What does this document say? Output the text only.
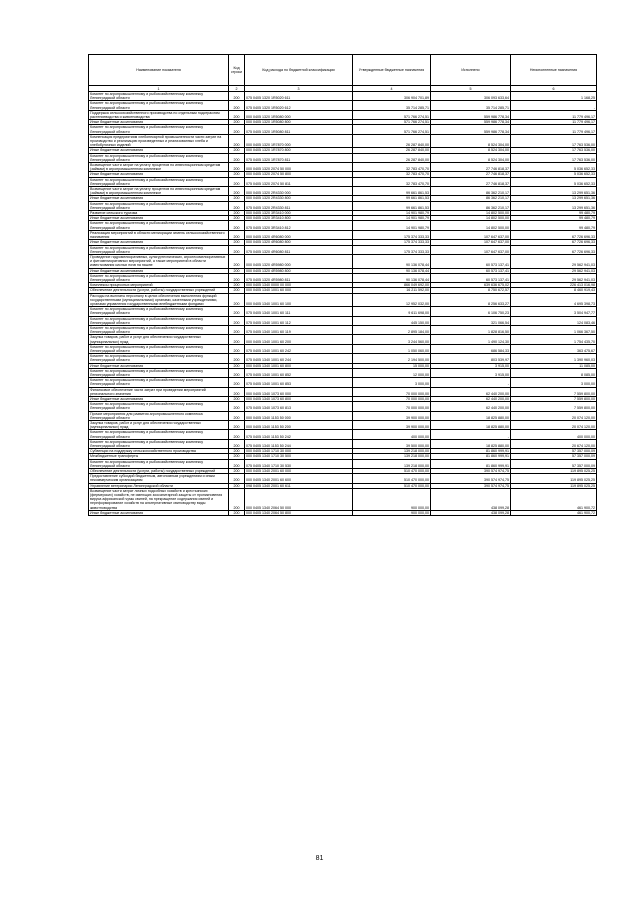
Наименование показателя	Код строки	Код расхода по бюджетной классификации	Утвержденные бюджетные назначения	Исполнено	Неисполненные назначения
1	2	3	4	5	6
Комитет по агропромышленному и рыбохозяйственному комплексу Ленинградской области	200	075 0405 1320 1R5020 611	306 904 701,89	306 093 633,64	1 168,25
Комитет по агропромышленному и рыбохозяйственному комплексу Ленинградской области	200	075 0405 1320 1R5020 612	35 714 285,71	35 714 285,71	-
Поддержка сельскохозяйственного производства по отдельным подотраслям растениеводства и животноводства	200	000 0405 1320 1R5080 000	571 766 274,51	559 986 778,34	11 779 496,17
Иные бюджетные ассигнования	200	000 0405 1320 1R5080 800	571 766 274,51	559 986 778,34	11 779 496,17
Комитет по агропромышленному и рыбохозяйственному комплексу Ленинградской области	200	075 0405 1320 1R5080 811	571 766 274,51	559 986 778,34	11 779 496,17
Компенсация предприятиям хлебопекарной промышленности части затрат на производство и реализацию произведенных и реализованных хлеба и хлебобулочных изделий	200	000 0405 1320 1R7870 000	26 287 840,00	8 524 304,00	17 763 536,00
Иные бюджетные ассигнования	200	000 0405 1320 1R7870 800	26 287 840,00	8 524 304,00	17 763 536,00
Комитет по агропромышленному и рыбохозяйственному комплексу Ленинградской области	200	075 0405 1320 1R7870 811	26 287 840,00	8 524 304,00	17 763 536,00
Возмещение части затрат на уплату процентов по инвестиционным кредитам (займам) в агропромышленном комплексе	200	000 0405 1320 2074 50 000	32 783 470,70	27 746 818,37	5 036 652,33
Иные бюджетные ассигнования	200	000 0405 1320 2074 50 800	32 783 470,70	27 746 818,37	5 036 652,33
Комитет по агропромышленному и рыбохозяйственному комплексу Ленинградской области	200	075 0405 1320 2074 50 811	32 783 470,70	27 746 818,37	5 036 652,33
Возмещение части затрат на уплату процентов по инвестиционным кредитам (займам) в агропромышленном комплексе	200	000 0405 1320 2R4330 000	99 661 861,53	86 362 210,17	13 299 651,36
Иные бюджетные ассигнования	200	000 0405 1320 2R4330 800	99 661 861,53	86 362 210,17	13 299 651,36
Комитет по агропромышленному и рыбохозяйственному комплексу Ленинградской области	200	075 0405 1320 2R4330 811	99 661 861,53	86 362 210,17	13 299 651,36
Развитие сельского туризма	200	000 0405 1320 3R3410 000	14 901 980,79	14 802 500,00	99 480,79
Иные бюджетные ассигнования	200	000 0405 1320 3R3410 800	14 901 980,79	14 802 500,00	99 480,79
Комитет по агропромышленному и рыбохозяйственному комплексу Ленинградской области	200	075 0405 1320 3R3410 812	14 901 980,79	14 802 500,00	99 480,79
Реализация мероприятий в области мелиорации земель сельскохозяйственного назначения	200	000 0405 1320 4R6080 000	175 374 333,33	107 647 637,00	67 726 696,33
Иные бюджетные ассигнования	200	000 0405 1320 4R6080 800	175 374 333,33	107 647 637,00	67 726 696,33
Комитет по агропромышленному и рыбохозяйственному комплексу Ленинградской области	200	075 0405 1320 4R6080 811	175 374 333,33	107 647 637,00	67 726 696,33
Проведение гидромелиоративных, культуртехнических, агролесомелиоративных и фитомелиоративных мероприятий, а также мероприятий в области известкования кислых почв на пашне	200	000 0405 1320 4R5980 000	90 136 078,44	60 573 137,41	29 562 941,03
Иные бюджетные ассигнования	200	000 0405 1320 4R5980 800	90 136 078,44	60 573 137,41	29 562 941,03
Комитет по агропромышленному и рыбохозяйственному комплексу Ленинградской области	200	075 0405 1320 4R5980 811	90 136 078,44	60 573 137,41	29 562 941,03
Комплексы процессных мероприятий	200	000 0405 1340 0000 00 000	866 049 692,00	639 636 675,02	226 413 016,98
Обеспечение деятельности (услуги, работы) государственных учреждений	200	000 0405 1340 1001 60 000	16 211 592,00	8 750 672,57	8 460 919,43
Расходы на выплаты персоналу в целях обеспечения выполнения функций государственными (муниципальными) органами, казенными учреждениями, органами управления государственными внебюджетными фондами	200	000 0405 1340 1001 60 100	12 952 032,00	8 256 633,27	4 695 398,73
Комитет по агропромышленному и рыбохозяйственному комплексу Ленинградской области	200	075 0405 1340 1001 60 111	9 611 698,00	6 106 750,23	3 504 947,77
Комитет по агропромышленному и рыбохозяйственному комплексу Ленинградской области	200	075 0405 1340 1001 60 112	445 150,00	321 066,54	124 083,46
Комитет по агропромышленному и рыбохозяйственному комплексу Ленинградской области	200	075 0405 1340 1001 60 119	2 895 184,00	1 828 816,50	1 066 367,50
Закупка товаров, работ и услуг для обеспечения государственных (муниципальных) нужд	200	000 0405 1340 1001 60 200	3 244 560,00	1 490 124,30	1 754 435,70
Комитет по агропромышленному и рыбохозяйственному комплексу Ленинградской области	200	075 0405 1340 1001 60 242	1 050 060,00	686 584,33	363 475,67
Комитет по агропромышленному и рыбохозяйственному комплексу Ленинградской области	200	075 0405 1340 1001 60 244	2 194 500,00	803 539,97	1 390 960,03
Иные бюджетные ассигнования	200	000 0405 1340 1001 60 800	15 000,00	3 915,00	11 085,00
Комитет по агропромышленному и рыбохозяйственному комплексу Ленинградской области	200	075 0405 1340 1001 60 852	12 000,00	3 915,00	8 085,00
Комитет по агропромышленному и рыбохозяйственному комплексу Ленинградской области	200	075 0405 1340 1001 60 853	3 000,00	-	3 000,00
Финансовое обеспечение части затрат при проведении мероприятий регионального значения	200	000 0405 1340 1073 60 000	70 000 000,00	62 440 200,00	7 559 800,00
Иные бюджетные ассигнования	200	000 0405 1340 1073 60 800	70 000 000,00	62 440 200,00	7 559 800,00
Комитет по агропромышленному и рыбохозяйственному комплексу Ленинградской области	200	075 0405 1340 1073 60 813	70 000 000,00	62 440 200,00	7 559 800,00
Прочие мероприятия для развития агропромышленного комплекса Ленинградской области	200	000 0405 1340 1153 50 000	39 900 000,00	18 825 880,00	20 074 120,00
Закупка товаров, работ и услуг для обеспечения государственных (муниципальных) нужд	200	000 0405 1340 1153 50 200	39 900 000,00	18 825 880,00	20 074 120,00
Комитет по агропромышленному и рыбохозяйственному комплексу Ленинградской области	200	075 0405 1340 1153 50 242	400 000,00	-	400 000,00
Комитет по агропромышленному и рыбохозяйственному комплексу Ленинградской области	200	075 0405 1340 1153 50 244	39 500 000,00	18 825 880,00	20 674 120,00
Субвенции на поддержку сельскохозяйственного производства	200	000 0405 1340 1710 30 000	139 218 000,00	81 860 999,91	57 357 000,09
Межбюджетные трансферты	200	000 0405 1340 1710 30 500	139 218 000,00	81 860 999,91	57 357 000,09
Комитет по агропромышленному и рыбохозяйственному комплексу Ленинградской области	200	075 0405 1340 1710 30 530	139 218 000,00	81 860 999,91	57 357 000,09
Обеспечение деятельности (услуги, работы) государственных учреждений	200	000 0405 1340 2001 60 000	510 470 000,00	390 574 974,75	119 895 025,25
Предоставление субсидий бюджетным, автономным учреждениям и иным некоммерческим организациям	200	000 0405 1340 2001 60 600	510 470 000,00	390 574 974,75	119 895 025,25
Управление ветеринарии Ленинградской области	200	098 0405 1340 2001 60 611	510 470 000,00	390 574 974,75	119 895 025,25
Возмещение части затрат личных подсобных хозяйств и крестьянских (фермерских) хозяйств, не имеющих зоосанитарной защиты от проникновения вируса африканской чумы свиней, на прекращение содержания свиней и переформирование хозяйств на альтернативные свиноводству виды животноводства	200	000 0405 1340 2064 50 000	900 000,00	438 099,28	461 900,72
Иные бюджетные ассигнования	200	000 0405 1340 2064 50 800	900 000,00	438 099,28	461 900,72
81
